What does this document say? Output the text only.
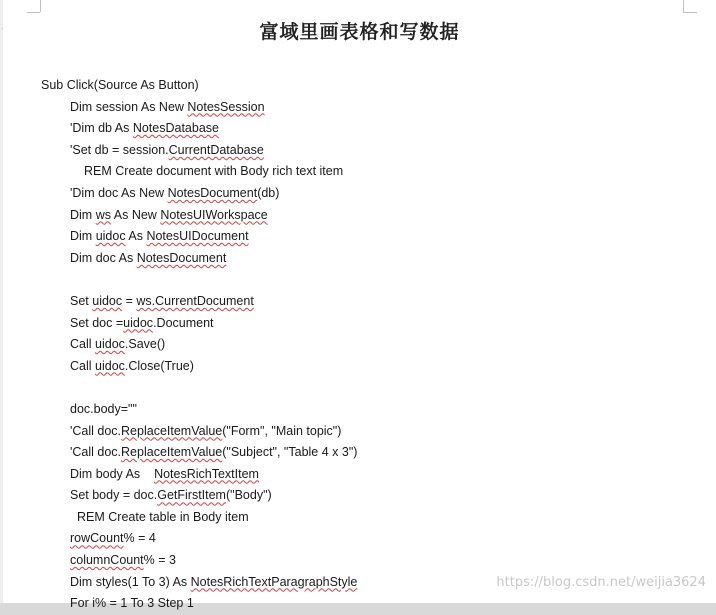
富域里画表格和写数据
Sub Click(Source As Button)
Dim session As New NotesSession
'Dim db As NotesDatabase
'Set db = session.CurrentDatabase
REM Create document with Body rich text item
'Dim doc As New NotesDocument(db)
Dim ws As New NotesUIWorkspace
Dim uidoc As NotesUIDocument
Dim doc As NotesDocument
Set uidoc = ws.CurrentDocument
Set doc =uidoc.Document
Call uidoc.Save()
Call uidoc.Close(True)
doc.body=""
'Call doc.ReplaceItemValue("Form", "Main topic")
'Call doc.ReplaceItemValue("Subject", "Table 4 x 3")
Dim body As    NotesRichTextItem
Set body = doc.GetFirstItem("Body")
REM Create table in Body item
rowCount% = 4
columnCount% = 3
Dim styles(1 To 3) As NotesRichTextParagraphStyle
For i% = 1 To 3 Step 1
https://blog.csdn.net/weijia3624
